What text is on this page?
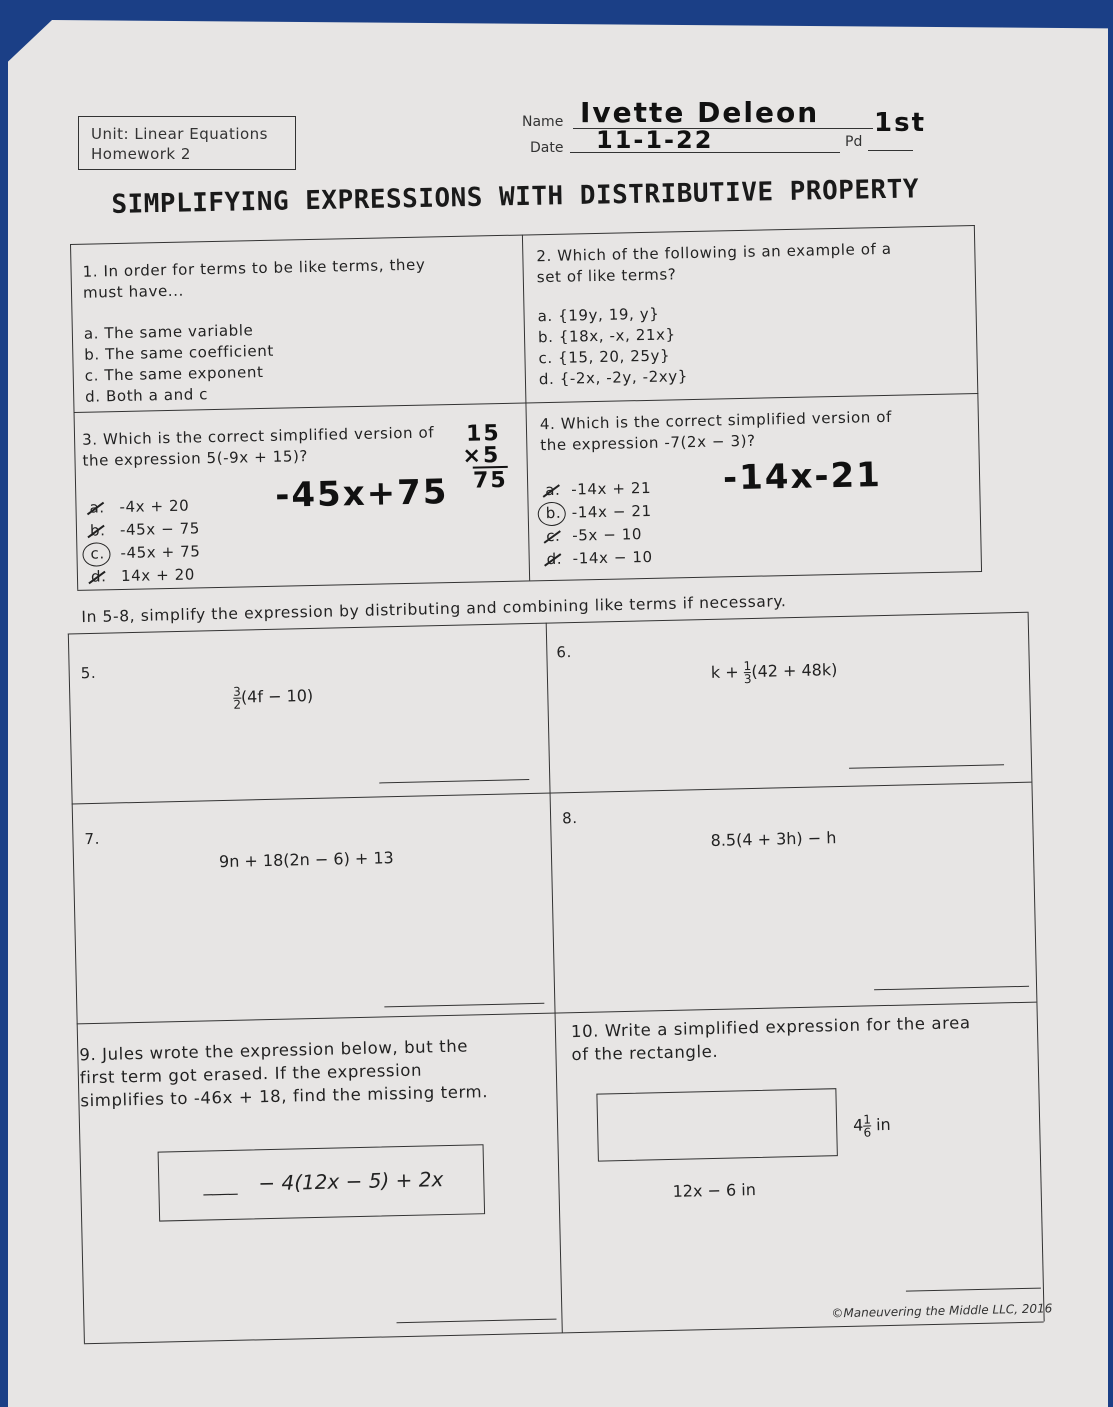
Unit: Linear Equations
Homework 2
Name Ivette Deleon
Date 11-1-22	Pd
1st
SIMPLIFYING EXPRESSIONS WITH DISTRIBUTIVE PROPERTY
1. In order for terms to be like terms, they
must have...
a. The same variable
b. The same coefficient
c. The same exponent
d. Both a and c
2. Which of the following is an example of a
set of like terms?
a. {19y, 19, y}
b. {18x, -x, 21x}
c. {15, 20, 25y}
d. {-2x, -2y, -2xy}
3. Which is the correct simplified version of
the expression 5(-9x + 15)?
-4x + 20
-45x − 75
-45x + 75
14x + 20
a.
b.
c.
d.
-45x+75
15
×5
75
4. Which is the correct simplified version of
the expression -7(2x − 3)?
-14x + 21
-14x − 21
-5x − 10
-14x − 10
a.
b.
c.
d.
-14x-21
In 5-8, simplify the expression by distributing and combining like terms if necessary.
5.
$\frac{3}{2} (4f - 10)$
6.
$k + \frac{1}{3} (42 + 48k)$
7.
9n + 18(2n − 6) + 13
8.
8.5(4 + 3h) − h
9. Jules wrote the expression below, but the
first term got erased. If the expression
simplifies to -46x + 18, find the missing term.
____ − 4(12x − 5) + 2x
10. Write a simplified expression for the area
of the rectangle.
$4 \frac{1}{6}$ in
12x − 6 in
©Maneuvering the Middle LLC, 2016
